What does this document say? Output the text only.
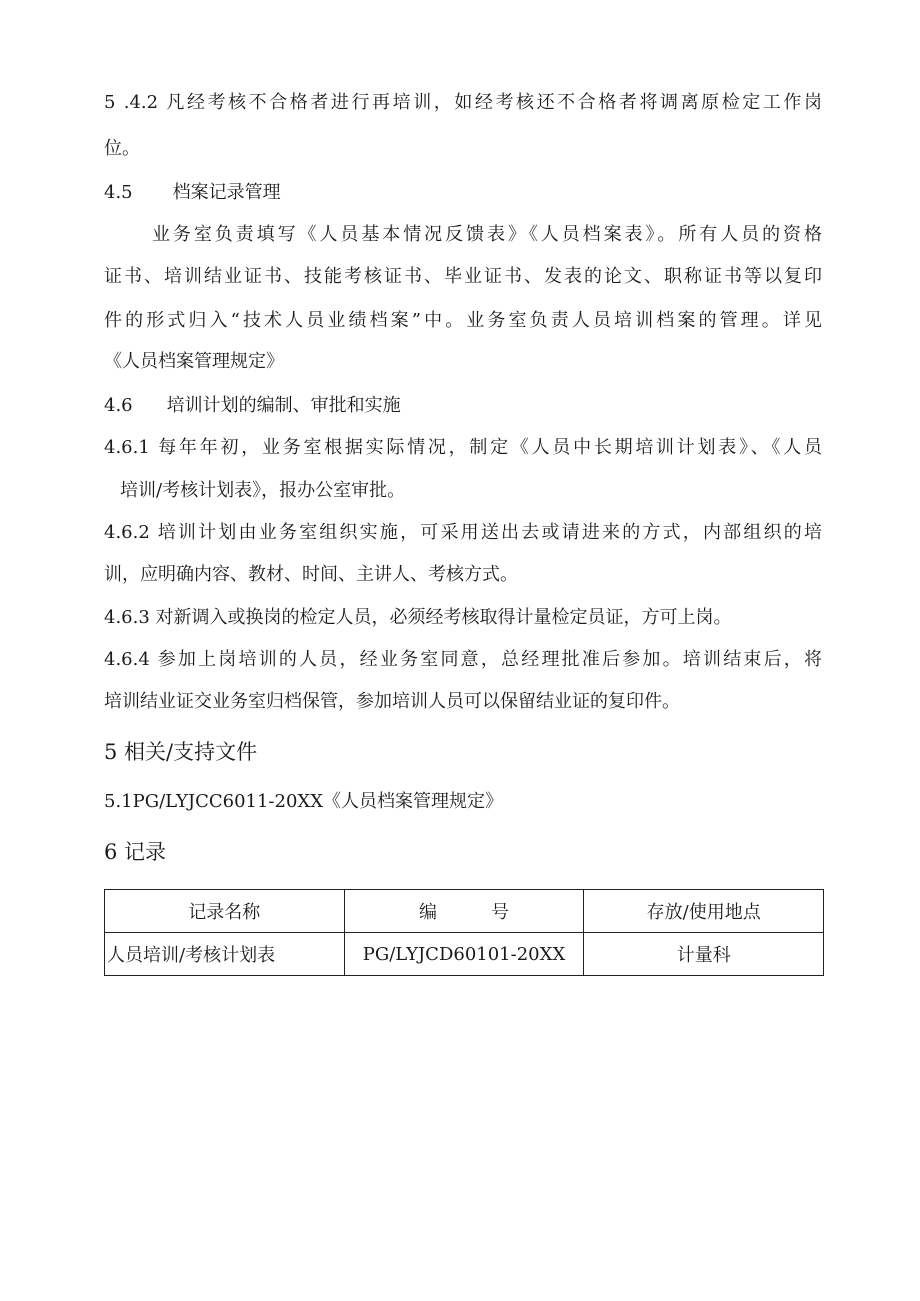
5 .4.2 凡经考核不合格者进行再培训，如经考核还不合格者将调离原检定工作岗
位。
4.5 档案记录管理
业务室负责填写《人员基本情况反馈表》《人员档案表》。所有人员的资格
证书、培训结业证书、技能考核证书、毕业证书、发表的论文、职称证书等以复印
件的形式归入“技术人员业绩档案”中。业务室负责人员培训档案的管理。详见
《人员档案管理规定》
4.6 培训计划的编制、审批和实施
4.6.1 每年年初，业务室根据实际情况，制定《人员中长期培训计划表》、《人员
培训/考核计划表》，报办公室审批。
4.6.2 培训计划由业务室组织实施，可采用送出去或请进来的方式，内部组织的培
训，应明确内容、教材、时间、主讲人、考核方式。
4.6.3 对新调入或换岗的检定人员，必须经考核取得计量检定员证，方可上岗。
4.6.4 参加上岗培训的人员，经业务室同意，总经理批准后参加。培训结束后，将
培训结业证交业务室归档保管，参加培训人员可以保留结业证的复印件。
5 相关/支持文件
5.1PG/LYJCC6011-20XX《人员档案管理规定》
6 记录
记录名称	编　　　号	存放/使用地点
人员培训/考核计划表	PG/LYJCD60101-20XX	计量科
